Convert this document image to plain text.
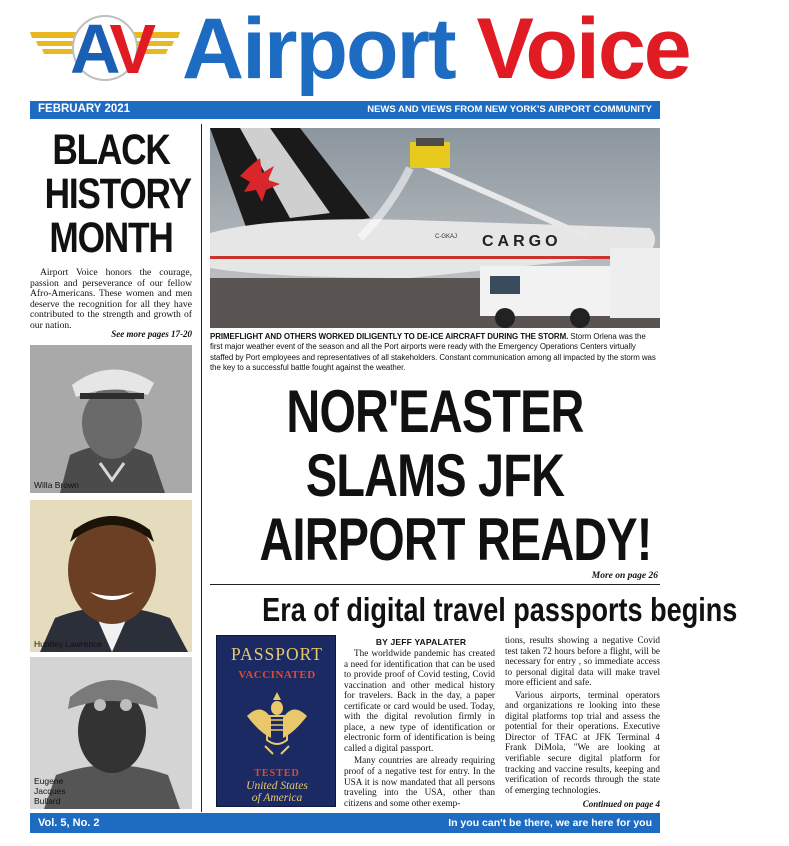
AV Airport Voice
FEBRUARY 2021	NEWS AND VIEWS FROM NEW YORK'S AIRPORT COMMUNITY
BLACK
HISTORY
MONTH
Airport Voice honors the courage, passion and perseverance of our fellow Afro-Americans. These women and men deserve the recognition for all they have contributed to the strength and growth of our nation.
See more pages 17-20
Willa Brown
Huntley Lawrence
Eugene
Jacques
Bullard
CARGO
C-GKAJ
PRIMEFLIGHT AND OTHERS WORKED DILIGENTLY TO DE-ICE AIRCRAFT DURING THE STORM. Storm Orlena was the first major weather event of the season and all the Port airports were ready with the Emergency Operations Centers virtually staffed by Port employees and representatives of all stakeholders. Constant communication among all impacted by the storm was the key to a successful battle fought against the weather.
NOR'EASTER
SLAMS JFK
AIRPORT READY!
More on page 26
Era of digital travel passports begins
PASSPORT
VACCINATED
TESTED
United States
of America
BY JEFF YAPALATER

The worldwide pandemic has created a need for identification that can be used to provide proof of Covid testing, Covid vaccination and other medical history for travelers. Back in the day, a paper certificate or card would be used. Today, with the digital revolution firmly in place, a new type of identification or electronic form of identification is being called a digital passport.

Many countries are already requiring proof of a negative test for entry. In the USA it is now mandated that all persons traveling into the USA, other than citizens and some other exemp-

tions, results showing a negative Covid test taken 72 hours before a flight, will be necessary for entry , so immediate access to personal digital data will make travel more efficient and safe.

Various airports, terminal operators and organizations re looking into these digital platforms top trial and assess the potential for their operations. Executive Director of TFAC at JFK Terminal 4 Frank DiMola, "We are looking at verifiable secure digital platform for tracking and vaccine results, keeping and verification of records through the state of emerging technologies.

Continued on page 4
Vol. 5, No. 2	In you can't be there, we are here for you
